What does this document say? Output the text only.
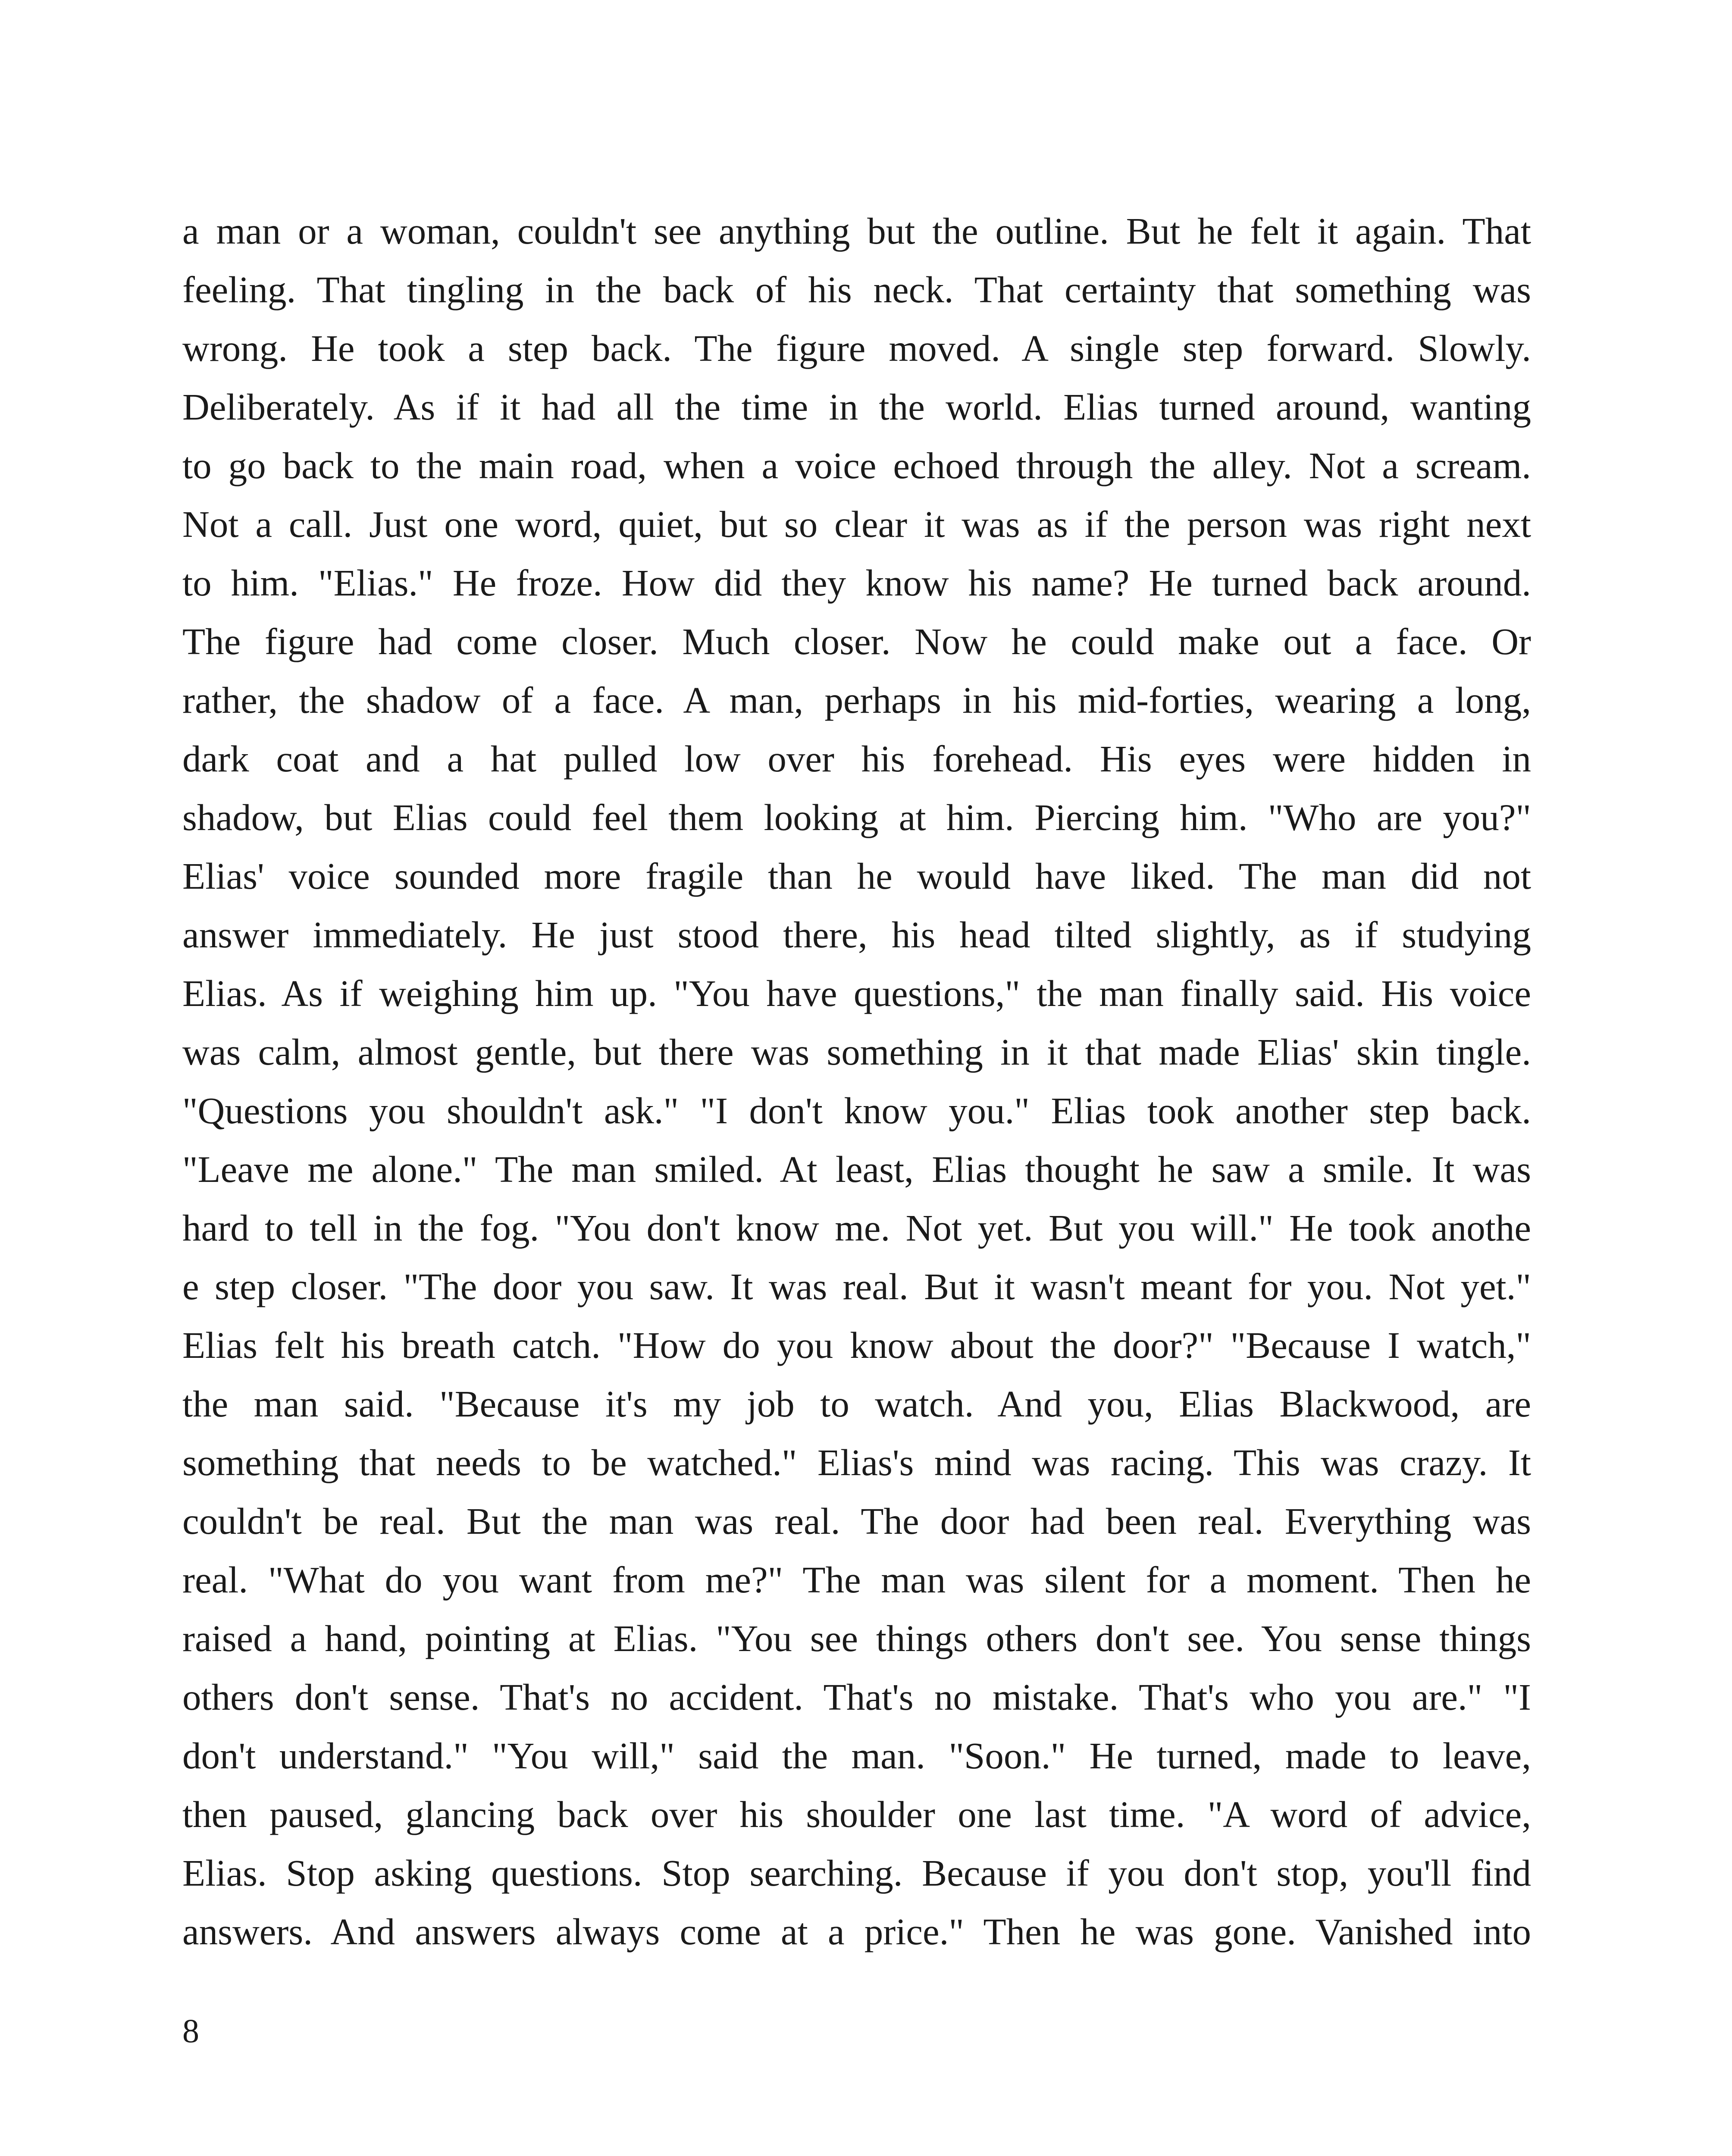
a man or a woman, couldn't see anything but the outline. But he felt it again. That
feeling. That tingling in the back of his neck. That certainty that something was
wrong. He took a step back. The figure moved. A single step forward. Slowly.
Deliberately. As if it had all the time in the world. Elias turned around, wanting
to go back to the main road, when a voice echoed through the alley. Not a scream.
Not a call. Just one word, quiet, but so clear it was as if the person was right next
to him. "Elias." He froze. How did they know his name? He turned back around.
The figure had come closer. Much closer. Now he could make out a face. Or
rather, the shadow of a face. A man, perhaps in his mid-forties, wearing a long,
dark coat and a hat pulled low over his forehead. His eyes were hidden in
shadow, but Elias could feel them looking at him. Piercing him. "Who are you?"
Elias' voice sounded more fragile than he would have liked. The man did not
answer immediately. He just stood there, his head tilted slightly, as if studying
Elias. As if weighing him up. "You have questions," the man finally said. His voice
was calm, almost gentle, but there was something in it that made Elias' skin tingle.
"Questions you shouldn't ask." "I don't know you." Elias took another step back.
"Leave me alone." The man smiled. At least, Elias thought he saw a smile. It was
hard to tell in the fog. "You don't know me. Not yet. But you will." He took anothe
e step closer. "The door you saw. It was real. But it wasn't meant for you. Not yet."
Elias felt his breath catch. "How do you know about the door?" "Because I watch,"
the man said. "Because it's my job to watch. And you, Elias Blackwood, are
something that needs to be watched." Elias's mind was racing. This was crazy. It
couldn't be real. But the man was real. The door had been real. Everything was
real. "What do you want from me?" The man was silent for a moment. Then he
raised a hand, pointing at Elias. "You see things others don't see. You sense things
others don't sense. That's no accident. That's no mistake. That's who you are." "I
don't understand." "You will," said the man. "Soon." He turned, made to leave,
then paused, glancing back over his shoulder one last time. "A word of advice,
Elias. Stop asking questions. Stop searching. Because if you don't stop, you'll find
answers. And answers always come at a price." Then he was gone. Vanished into
8
